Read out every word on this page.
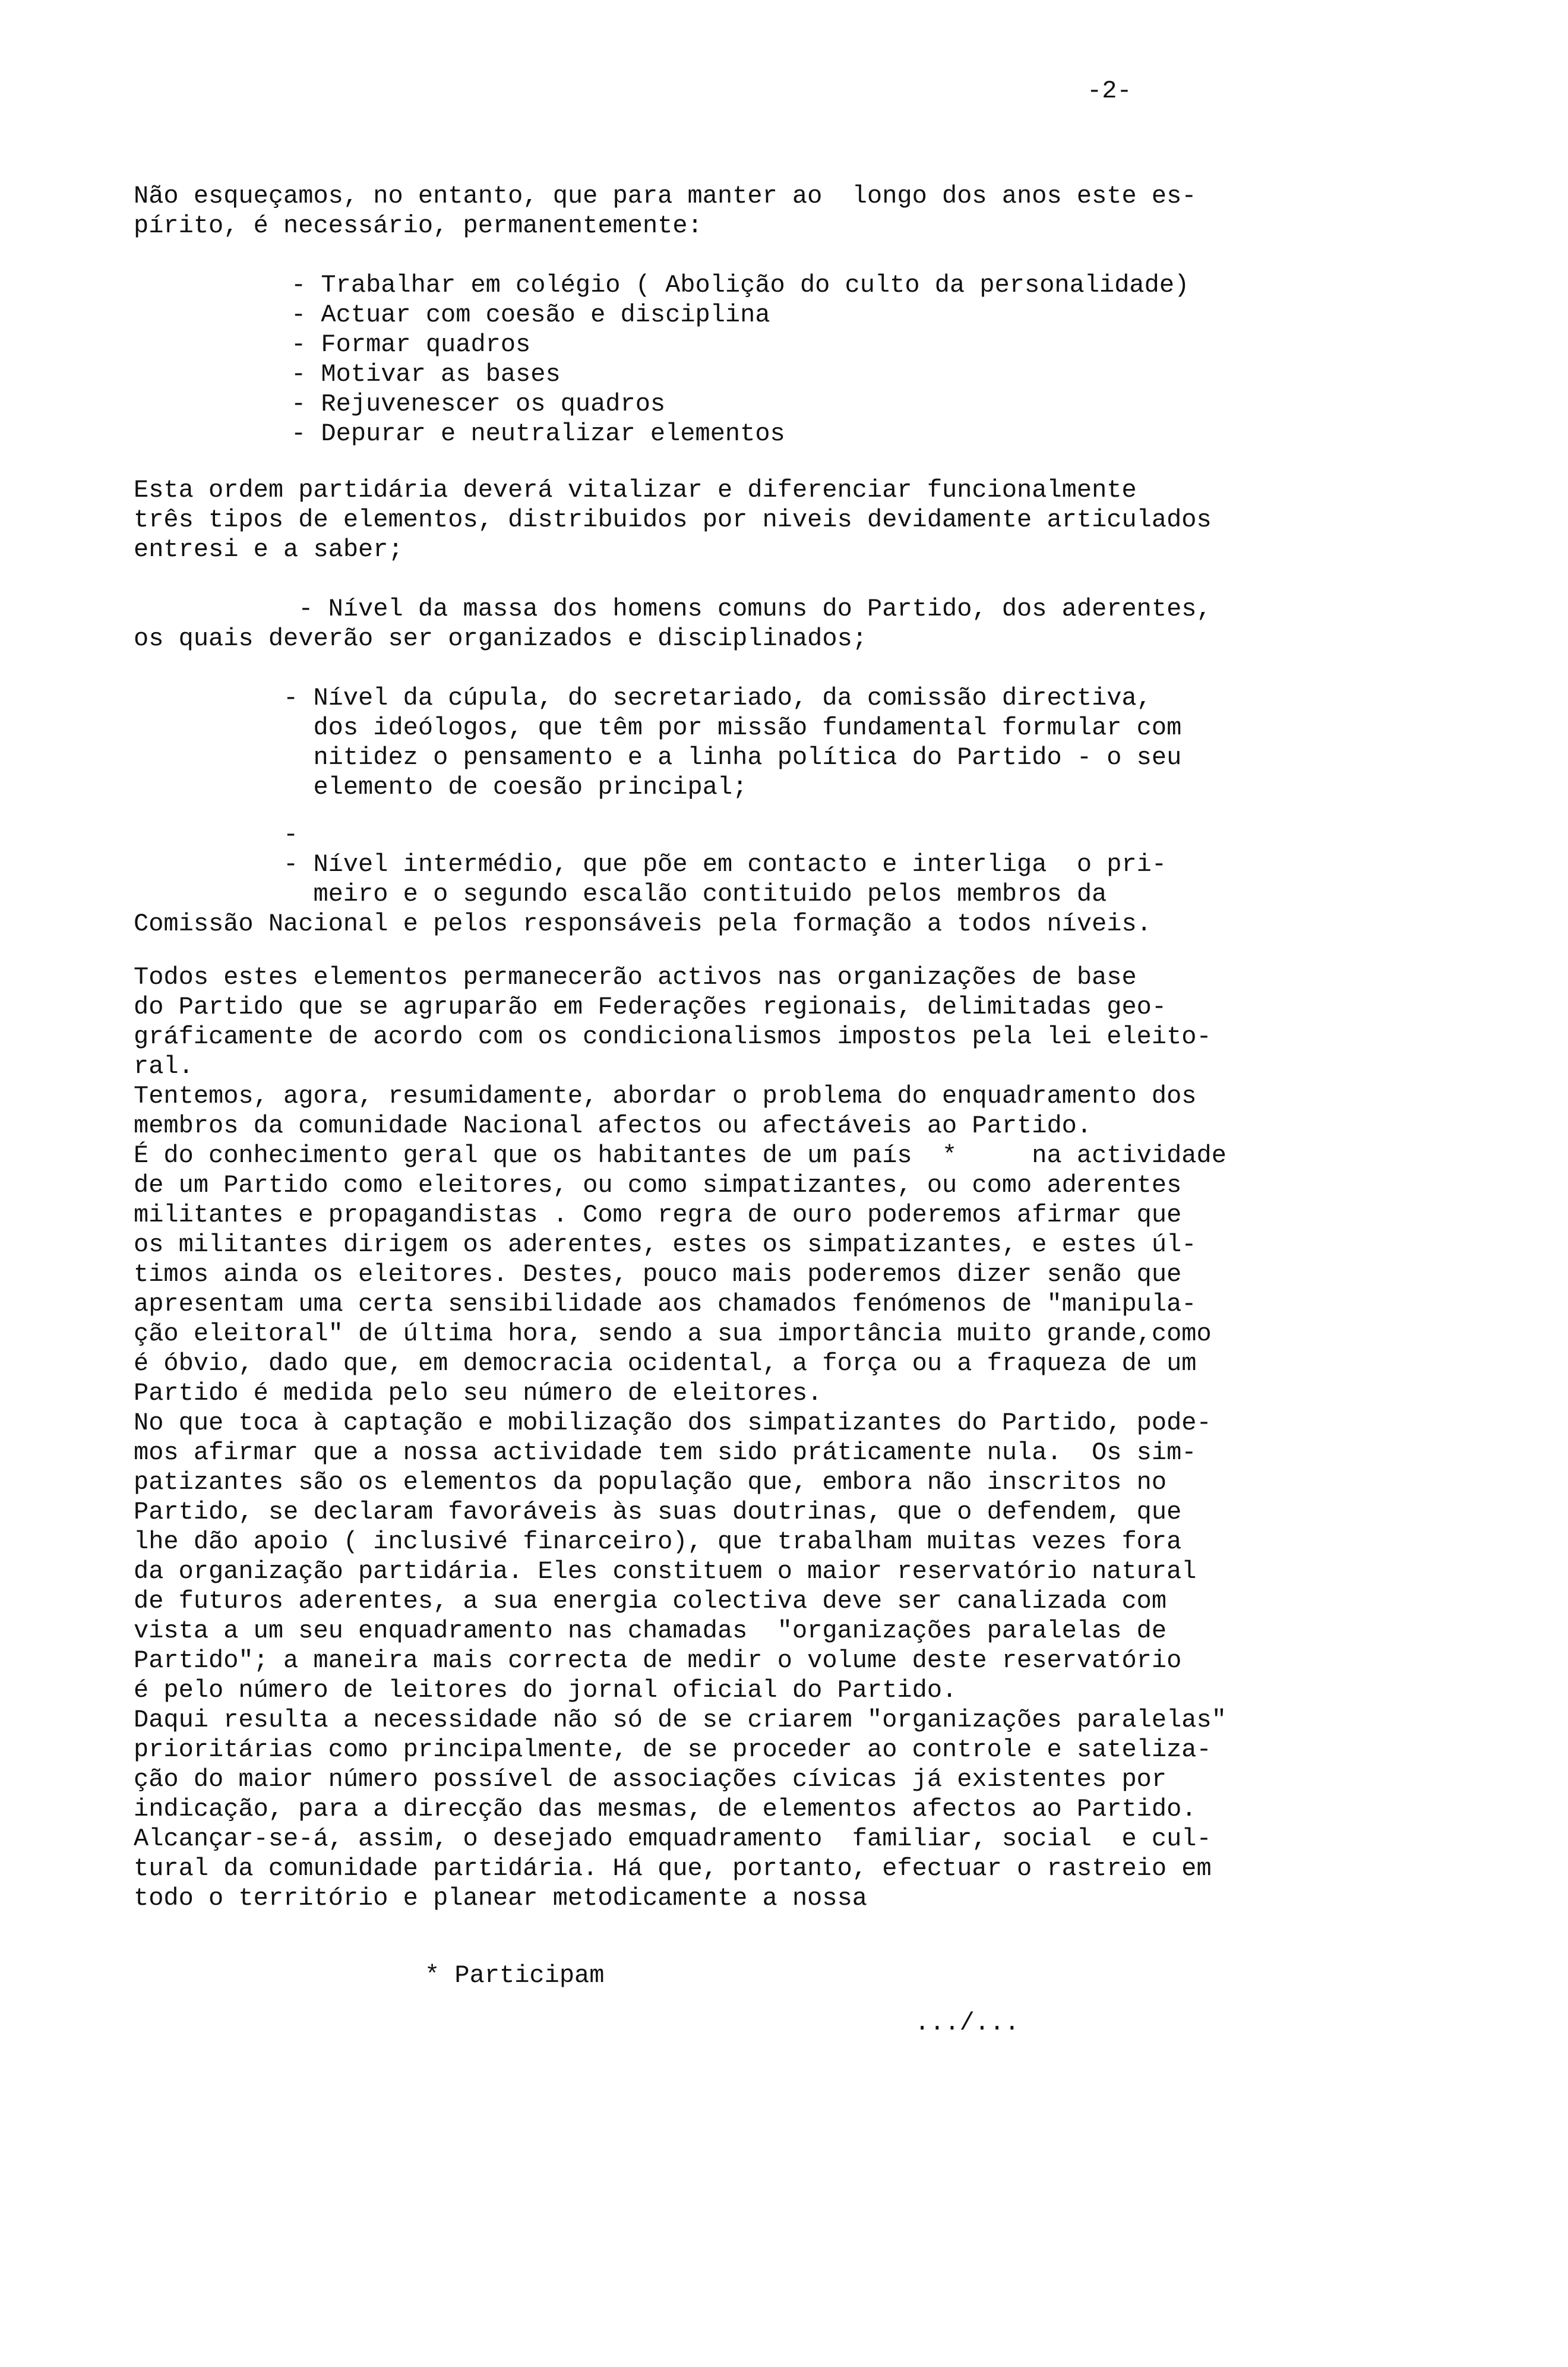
-2-
Não esqueçamos, no entanto, que para manter ao  longo dos anos este es-
pírito, é necessário, permanentemente:
- Trabalhar em colégio ( Abolição do culto da personalidade)
- Actuar com coesão e disciplina
- Formar quadros
- Motivar as bases
- Rejuvenescer os quadros
- Depurar e neutralizar elementos
Esta ordem partidária deverá vitalizar e diferenciar funcionalmente
três tipos de elementos, distribuidos por niveis devidamente articulados
entresi e a saber;
- Nível da massa dos homens comuns do Partido, dos aderentes,
os quais deverão ser organizados e disciplinados;
- Nível da cúpula, do secretariado, da comissão directiva,
dos ideólogos, que têm por missão fundamental formular com
nitidez o pensamento e a linha política do Partido - o seu
elemento de coesão principal;
-
- Nível intermédio, que põe em contacto e interliga  o pri-
meiro e o segundo escalão contituido pelos membros da
Comissão Nacional e pelos responsáveis pela formação a todos níveis.
Todos estes elementos permanecerão activos nas organizações de base
do Partido que se agruparão em Federações regionais, delimitadas geo-
gráficamente de acordo com os condicionalismos impostos pela lei eleito-
ral.
Tentemos, agora, resumidamente, abordar o problema do enquadramento dos
membros da comunidade Nacional afectos ou afectáveis ao Partido.
É do conhecimento geral que os habitantes de um país  *     na actividade
de um Partido como eleitores, ou como simpatizantes, ou como aderentes
militantes e propagandistas . Como regra de ouro poderemos afirmar que
os militantes dirigem os aderentes, estes os simpatizantes, e estes úl-
timos ainda os eleitores. Destes, pouco mais poderemos dizer senão que
apresentam uma certa sensibilidade aos chamados fenómenos de "manipula-
ção eleitoral" de última hora, sendo a sua importância muito grande,como
é óbvio, dado que, em democracia ocidental, a força ou a fraqueza de um
Partido é medida pelo seu número de eleitores.
No que toca à captação e mobilização dos simpatizantes do Partido, pode-
mos afirmar que a nossa actividade tem sido práticamente nula.  Os sim-
patizantes são os elementos da população que, embora não inscritos no
Partido, se declaram favoráveis às suas doutrinas, que o defendem, que
lhe dão apoio ( inclusivé finarceiro), que trabalham muitas vezes fora
da organização partidária. Eles constituem o maior reservatório natural
de futuros aderentes, a sua energia colectiva deve ser canalizada com
vista a um seu enquadramento nas chamadas  "organizações paralelas de
Partido"; a maneira mais correcta de medir o volume deste reservatório
é pelo número de leitores do jornal oficial do Partido.
Daqui resulta a necessidade não só de se criarem "organizações paralelas"
prioritárias como principalmente, de se proceder ao controle e sateliza-
ção do maior número possível de associações cívicas já existentes por
indicação, para a direcção das mesmas, de elementos afectos ao Partido.
Alcançar-se-á, assim, o desejado emquadramento  familiar, social  e cul-
tural da comunidade partidária. Há que, portanto, efectuar o rastreio em
todo o território e planear metodicamente a nossa
* Participam
.../...
